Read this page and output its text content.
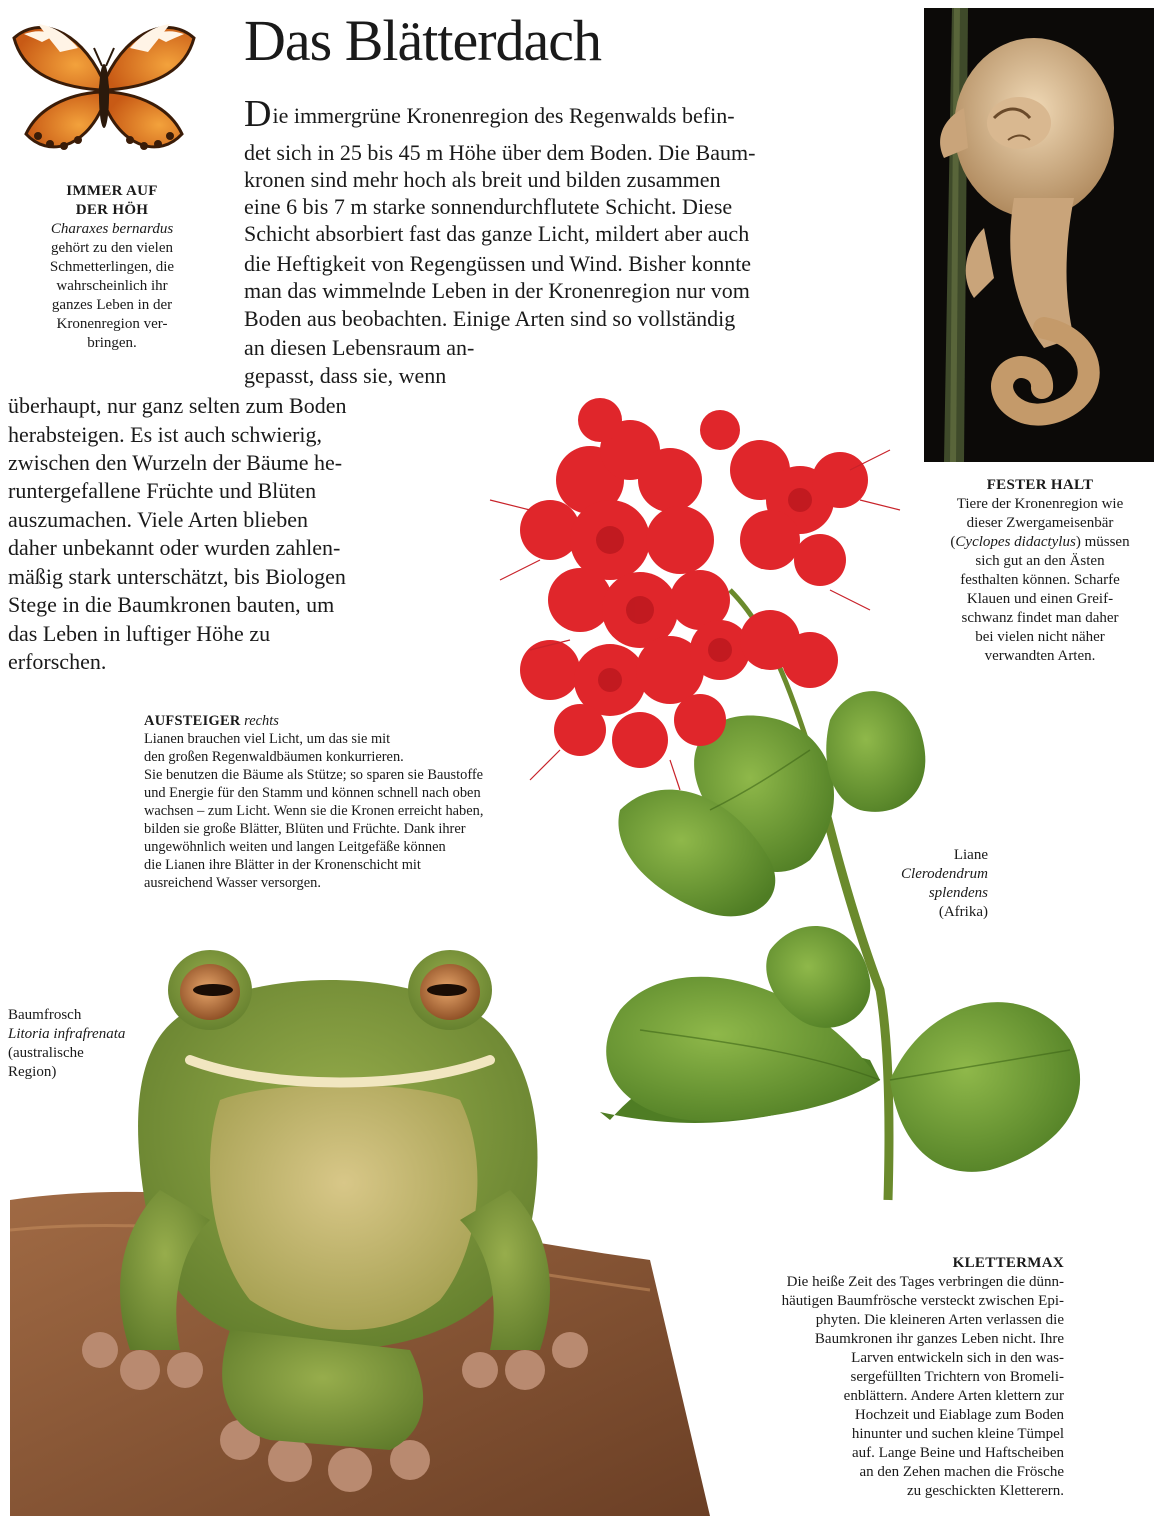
Das Blätterdach
IMMER AUF
DER HÖH
Charaxes bernardus
gehört zu den vielen
Schmetterlingen, die
wahrscheinlich ihr
ganzes Leben in der
Kronenregion ver-
bringen.
FESTER HALT
Tiere der Kronenregion wie
dieser Zwergameisenbär
(Cyclopes didactylus) müssen
sich gut an den Ästen
festhalten können. Scharfe
Klauen und einen Greif-
schwanz findet man daher
bei vielen nicht näher
verwandten Arten.
Die immergrüne Kronenregion des Regenwalds befin-
det sich in 25 bis 45 m Höhe über dem Boden. Die Baum-
kronen sind mehr hoch als breit und bilden zusammen
eine 6 bis 7 m starke sonnendurchflutete Schicht. Diese
Schicht absorbiert fast das ganze Licht, mildert aber auch
die Heftigkeit von Regengüssen und Wind. Bisher konnte
man das wimmelnde Leben in der Kronenregion nur vom
Boden aus beobachten. Einige Arten sind so vollständig
an diesen Lebensraum an-
gepasst, dass sie, wenn
überhaupt, nur ganz selten zum Boden
herabsteigen. Es ist auch schwierig,
zwischen den Wurzeln der Bäume he-
runtergefallene Früchte und Blüten
auszumachen. Viele Arten blieben
daher unbekannt oder wurden zahlen-
mäßig stark unterschätzt, bis Biologen
Stege in die Baumkronen bauten, um
das Leben in luftiger Höhe zu
erforschen.
AUFSTEIGER rechts
Lianen brauchen viel Licht, um das sie mit
den großen Regenwaldbäumen konkurrieren.
Sie benutzen die Bäume als Stütze; so sparen sie Baustoffe
und Energie für den Stamm und können schnell nach oben
wachsen – zum Licht. Wenn sie die Kronen erreicht haben,
bilden sie große Blätter, Blüten und Früchte. Dank ihrer
ungewöhnlich weiten und langen Leitgefäße können
die Lianen ihre Blätter in der Kronenschicht mit
ausreichend Wasser versorgen.
Liane
Clerodendrum
splendens
(Afrika)
Baumfrosch
Litoria infrafrenata
(australische
Region)
KLETTERMAX
Die heiße Zeit des Tages verbringen die dünn-
häutigen Baumfrösche versteckt zwischen Epi-
phyten. Die kleineren Arten verlassen die
Baumkronen ihr ganzes Leben nicht. Ihre
Larven entwickeln sich in den was-
sergefüllten Trichtern von Bromeli-
enblättern. Andere Arten klettern zur
Hochzeit und Eiablage zum Boden
hinunter und suchen kleine Tümpel
auf. Lange Beine und Haftscheiben
an den Zehen machen die Frösche
zu geschickten Kletterern.
